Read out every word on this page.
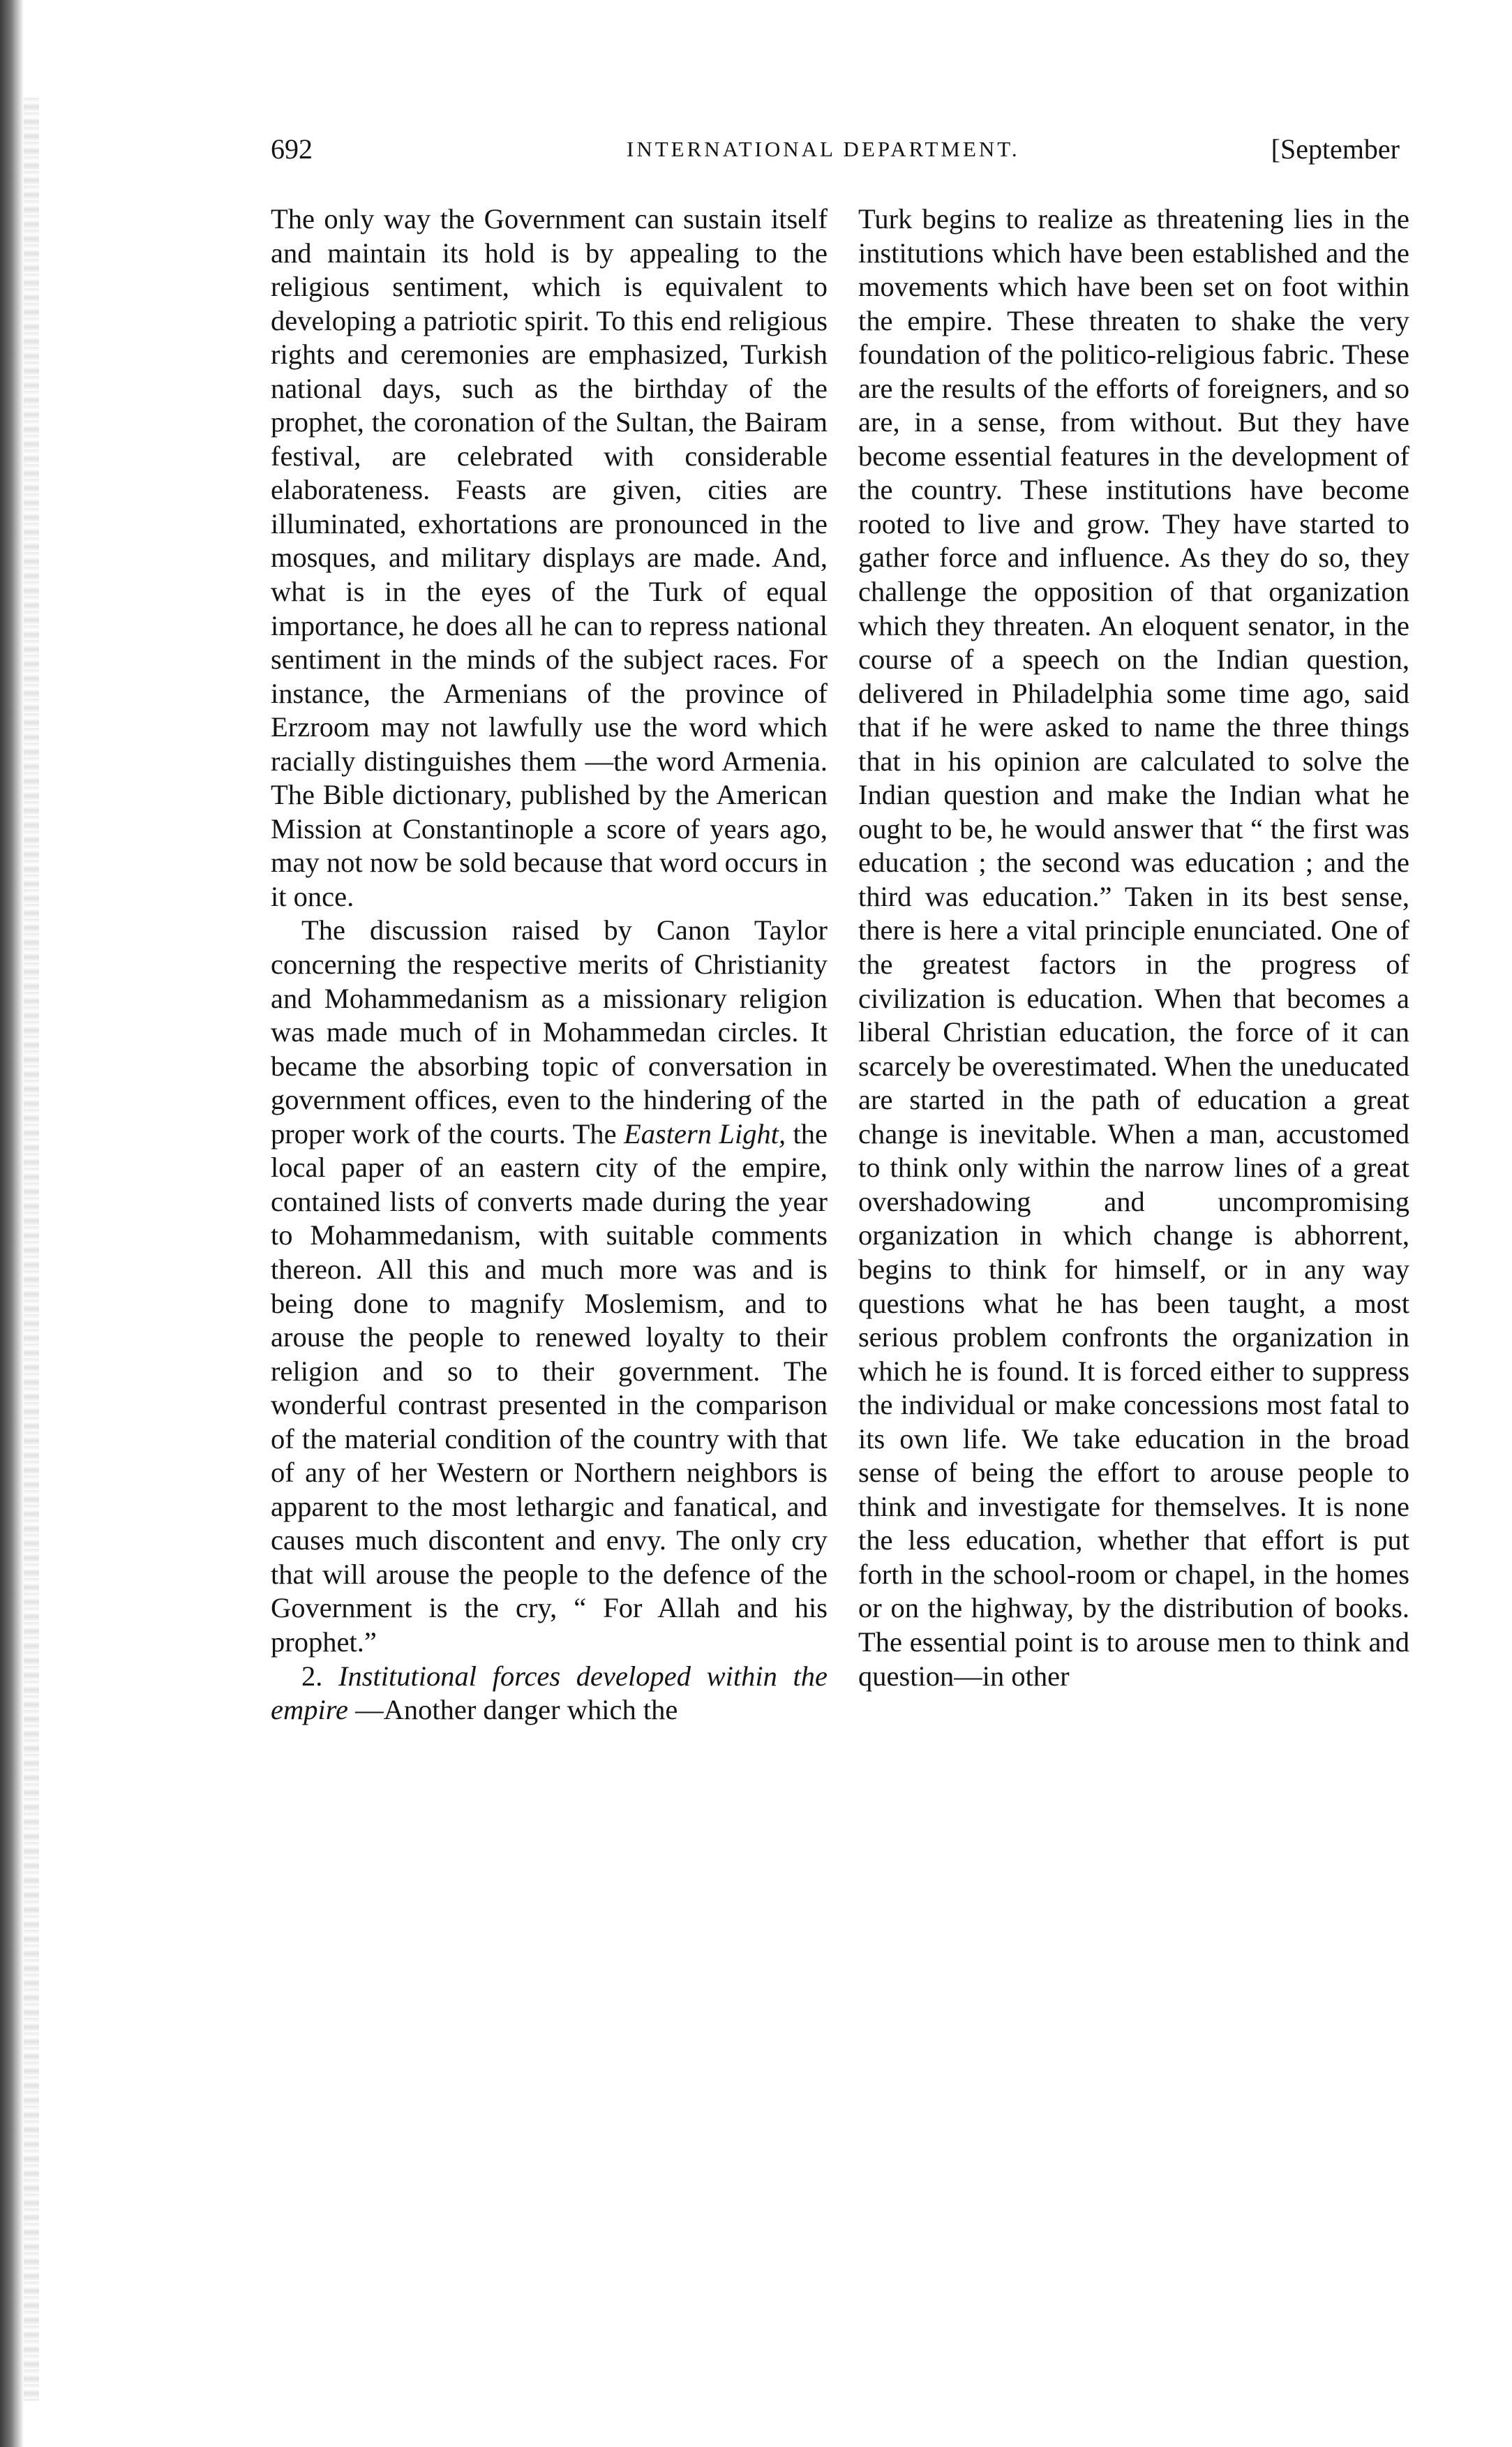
692	INTERNATIONAL DEPARTMENT.	[September

The only way the Government can sustain itself and maintain its hold is by appealing to the religious sentiment, which is equivalent to developing a patriotic spirit. To this end religious rights and ceremonies are emphasized, Turkish national days, such as the birthday of the prophet, the coronation of the Sultan, the Bairam festival, are celebrated with considerable elaborateness. Feasts are given, cities are illuminated, exhortations are pronounced in the mosques, and military displays are made. And, what is in the eyes of the Turk of equal importance, he does all he can to repress national sentiment in the minds of the subject races. For instance, the Armenians of the province of Erzroom may not lawfully use the word which racially distinguishes them —the word Armenia. The Bible dictionary, published by the American Mission at Constantinople a score of years ago, may not now be sold because that word occurs in it once.

The discussion raised by Canon Taylor concerning the respective merits of Christianity and Mohammedanism as a missionary religion was made much of in Mohammedan circles. It became the absorbing topic of conversation in government offices, even to the hindering of the proper work of the courts. The Eastern Light, the local paper of an eastern city of the empire, contained lists of converts made during the year to Mohammedanism, with suitable comments thereon. All this and much more was and is being done to magnify Moslemism, and to arouse the people to renewed loyalty to their religion and so to their government. The wonderful contrast presented in the comparison of the material condition of the country with that of any of her Western or Northern neighbors is apparent to the most lethargic and fanatical, and causes much discontent and envy. The only cry that will arouse the people to the defence of the Government is the cry, “ For Allah and his prophet.”

2. Institutional forces developed within the empire —Another danger which the

Turk begins to realize as threatening lies in the institutions which have been established and the movements which have been set on foot within the empire. These threaten to shake the very foundation of the politico-religious fabric. These are the results of the efforts of foreigners, and so are, in a sense, from without. But they have become essential features in the development of the country. These institutions have become rooted to live and grow. They have started to gather force and influence. As they do so, they challenge the opposition of that organization which they threaten. An eloquent senator, in the course of a speech on the Indian question, delivered in Philadelphia some time ago, said that if he were asked to name the three things that in his opinion are calculated to solve the Indian question and make the Indian what he ought to be, he would answer that “ the first was education ; the second was education ; and the third was education.” Taken in its best sense, there is here a vital principle enunciated. One of the greatest factors in the progress of civilization is education. When that becomes a liberal Christian education, the force of it can scarcely be overestimated. When the uneducated are started in the path of education a great change is inevitable. When a man, accustomed to think only within the narrow lines of a great overshadowing and uncompromising organization in which change is abhorrent, begins to think for himself, or in any way questions what he has been taught, a most serious problem confronts the organization in which he is found. It is forced either to suppress the individual or make concessions most fatal to its own life. We take education in the broad sense of being the effort to arouse people to think and investigate for themselves. It is none the less education, whether that effort is put forth in the school-room or chapel, in the homes or on the highway, by the distribution of books. The essential point is to arouse men to think and question—in other
